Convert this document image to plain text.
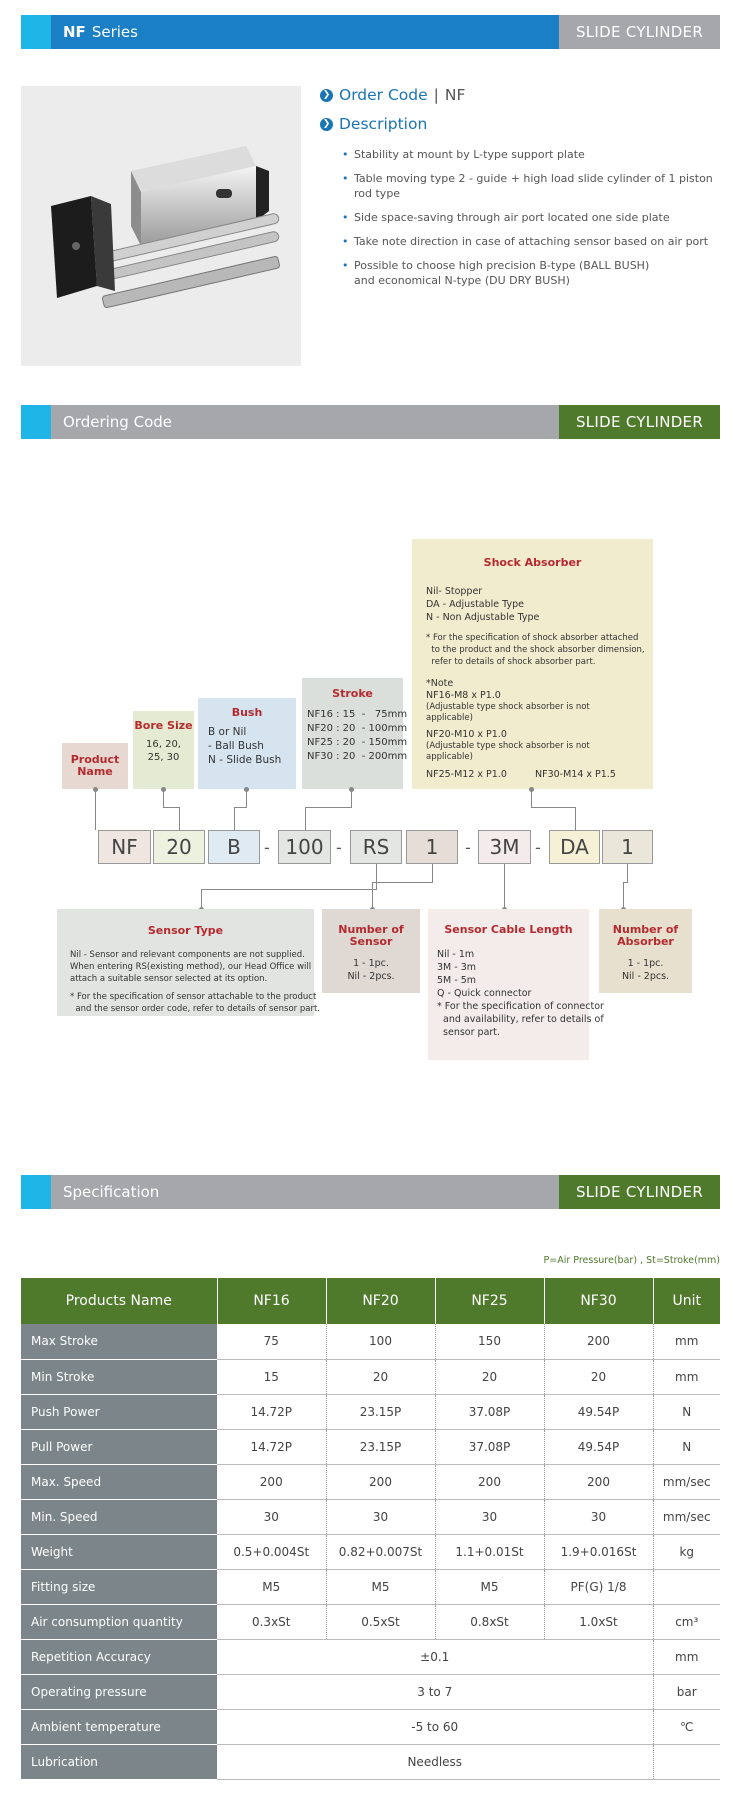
NF Series	SLIDE CYLINDER
❯ Order Code | NF
❯ Description
• Stability at mount by L-type support plate
• Table moving type 2 - guide + high load slide cylinder of 1 piston rod type
• Side space-saving through air port located one side plate
• Take note direction in case of attaching sensor based on air port
• Possible to choose high precision B-type (BALL BUSH)
and economical N-type (DU DRY BUSH)
Ordering Code	SLIDE CYLINDER
Product
Name
Bore Size

16, 20,
25, 30

Bush

B or Nil
- Ball Bush
N - Slide Bush

Stroke

NF16 : 15  -   75mm
NF20 : 20  - 100mm
NF25 : 20  - 150mm
NF30 : 20  - 200mm

Shock Absorber

Nil- Stopper
DA - Adjustable Type
N - Non Adjustable Type

* For the specification of shock absorber attached
to the product and the shock absorber dimension,
refer to details of shock absorber part.

*Note

NF16-M8 x P1.0

(Adjustable type shock absorber is not applicable)

NF20-M10 x P1.0

(Adjustable type shock absorber is not applicable)

NF25-M12 x P1.0	NF30-M14 x P1.5
NF	20	B	- 100 -	RS	1	- 3M - DA	1
Sensor Type

Nil - Sensor and relevant components are not supplied.
When entering RS(existing method), our Head Office will
attach a suitable sensor selected at its option.

* For the specification of sensor attachable to the product
and the sensor order code, refer to details of sensor part.

Number of
Sensor

1 - 1pc.
Nil - 2pcs.

Sensor Cable Length

Nil - 1m
3M - 3m
5M - 5m
Q - Quick connector
* For the specification of connector
and availability, refer to details of
sensor part.

Number of
Absorber

1 - 1pc.
Nil - 2pcs.

Specification	SLIDE CYLINDER
P=Air Pressure(bar) , St=Stroke(mm)
Products Name	NF16	NF20	NF25	NF30	Unit
Max Stroke	75	100	150	200	mm
Min Stroke	15	20	20	20	mm
Push Power	14.72P	23.15P	37.08P	49.54P	N
Pull Power	14.72P	23.15P	37.08P	49.54P	N
Max. Speed	200	200	200	200	mm/sec
Min. Speed	30	30	30	30	mm/sec
Weight	0.5+0.004St	0.82+0.007St	1.1+0.01St	1.9+0.016St	kg
Fitting size	M5	M5	M5	PF(G) 1/8	
Air consumption quantity	0.3xSt	0.5xSt	0.8xSt	1.0xSt	cm³
Repetition Accuracy	±0.1				mm
Operating pressure	3 to 7				bar
Ambient temperature	-5 to 60				℃
Lubrication	Needless				
